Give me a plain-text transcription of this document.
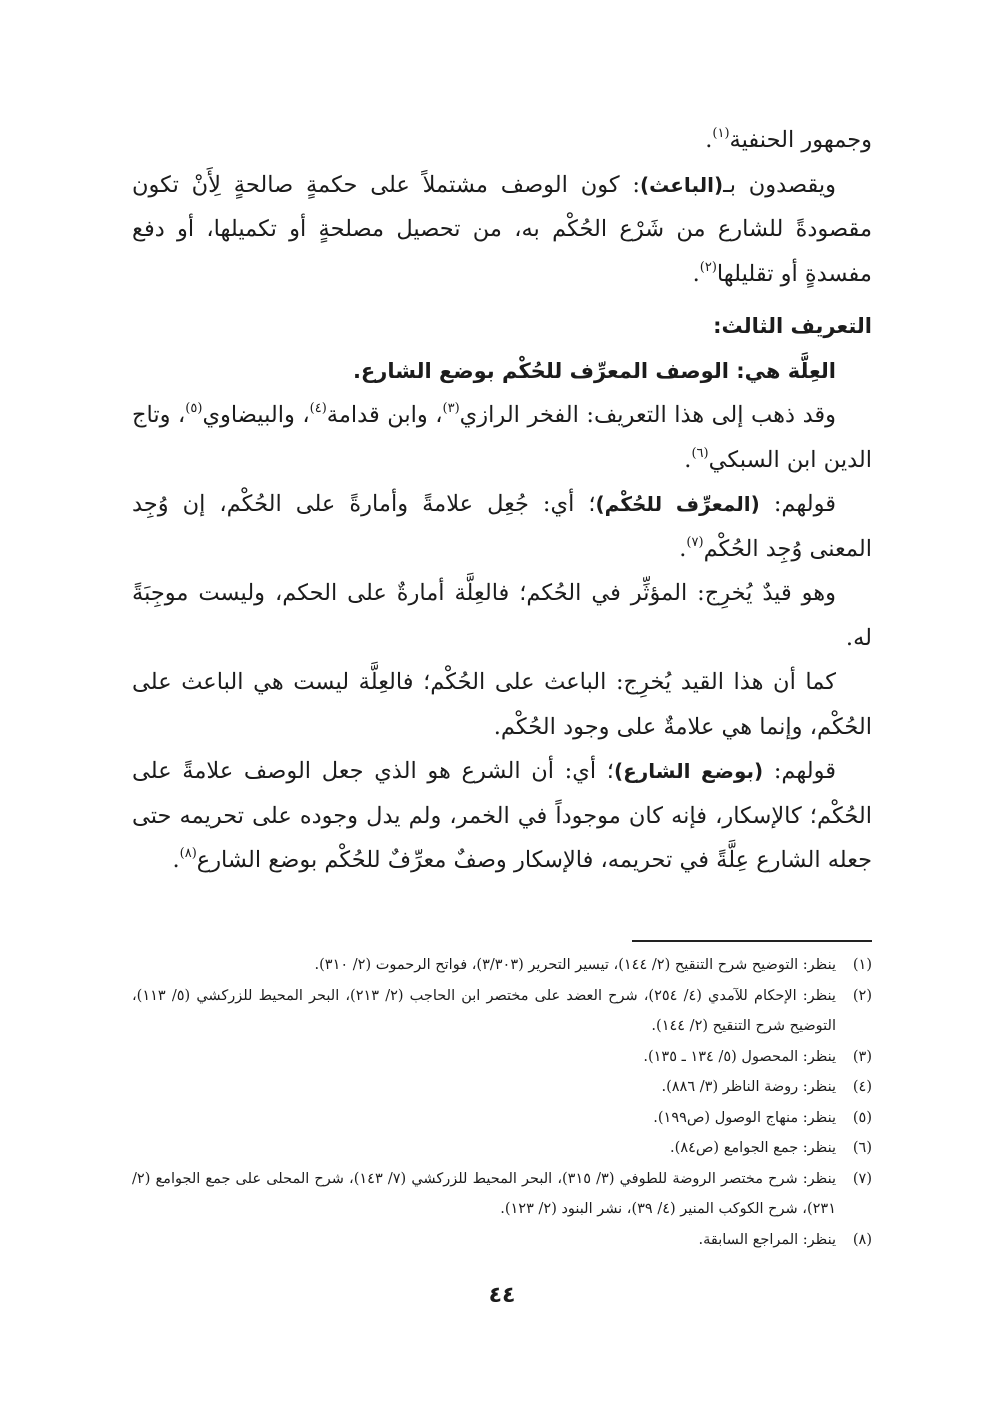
وجمهور الحنفية$^{(١)}$.

ويقصدون بـ(الباعث): كون الوصف مشتملاً على حكمةٍ صالحةٍ لِأَنْ تكون مقصودةً للشارع من شَرْع الحُكْم به، من تحصيل مصلحةٍ أو تكميلها، أو دفع مفسدةٍ أو تقليلها$^{(٢)}$.

التعريف الثالث:

العِلَّة هي: الوصف المعرِّف للحُكْم بوضع الشارع.

وقد ذهب إلى هذا التعريف: الفخر الرازي$^{(٣)}$، وابن قدامة$^{(٤)}$، والبيضاوي$^{(٥)}$، وتاج الدين ابن السبكي$^{(٦)}$.

قولهم: (المعرِّف للحُكْم)؛ أي: جُعِل علامةً وأمارةً على الحُكْم، إن وُجِد المعنى وُجِد الحُكْم$^{(٧)}$.

وهو قيدٌ يُخرِج: المؤثِّر في الحُكم؛ فالعِلَّة أمارةٌ على الحكم، وليست موجِبَةً له.

كما أن هذا القيد يُخرِج: الباعث على الحُكْم؛ فالعِلَّة ليست هي الباعث على الحُكْم، وإنما هي علامةٌ على وجود الحُكْم.

قولهم: (بوضع الشارع)؛ أي: أن الشرع هو الذي جعل الوصف علامةً على الحُكْم؛ كالإسكار، فإنه كان موجوداً في الخمر، ولم يدل وجوده على تحريمه حتى جعله الشارع عِلَّةً في تحريمه، فالإسكار وصفٌ معرِّفٌ للحُكْم بوضع الشارع$^{(٨)}$.

(١)
ينظر: التوضيح شرح التنقيح (٢/ ١٤٤)، تيسير التحرير (٣/٣٠٣)، فواتح الرحموت (٢/ ٣١٠).
(٢)
ينظر: الإحكام للآمدي (٤/ ٢٥٤)، شرح العضد على مختصر ابن الحاجب (٢/ ٢١٣)، البحر المحيط للزركشي (٥/ ١١٣)، التوضيح شرح التنقيح (٢/ ١٤٤).
(٣)
ينظر: المحصول (٥/ ١٣٤ ـ ١٣٥).
(٤)
ينظر: روضة الناظر (٣/ ٨٨٦).
(٥)
ينظر: منهاج الوصول (ص١٩٩).
(٦)
ينظر: جمع الجوامع (ص٨٤).
(٧)
ينظر: شرح مختصر الروضة للطوفي (٣/ ٣١٥)، البحر المحيط للزركشي (٧/ ١٤٣)، شرح المحلى على جمع الجوامع (٢/ ٢٣١)، شرح الكوكب المنير (٤/ ٣٩)، نشر البنود (٢/ ١٢٣).
(٨)
ينظر: المراجع السابقة.
٤٤
